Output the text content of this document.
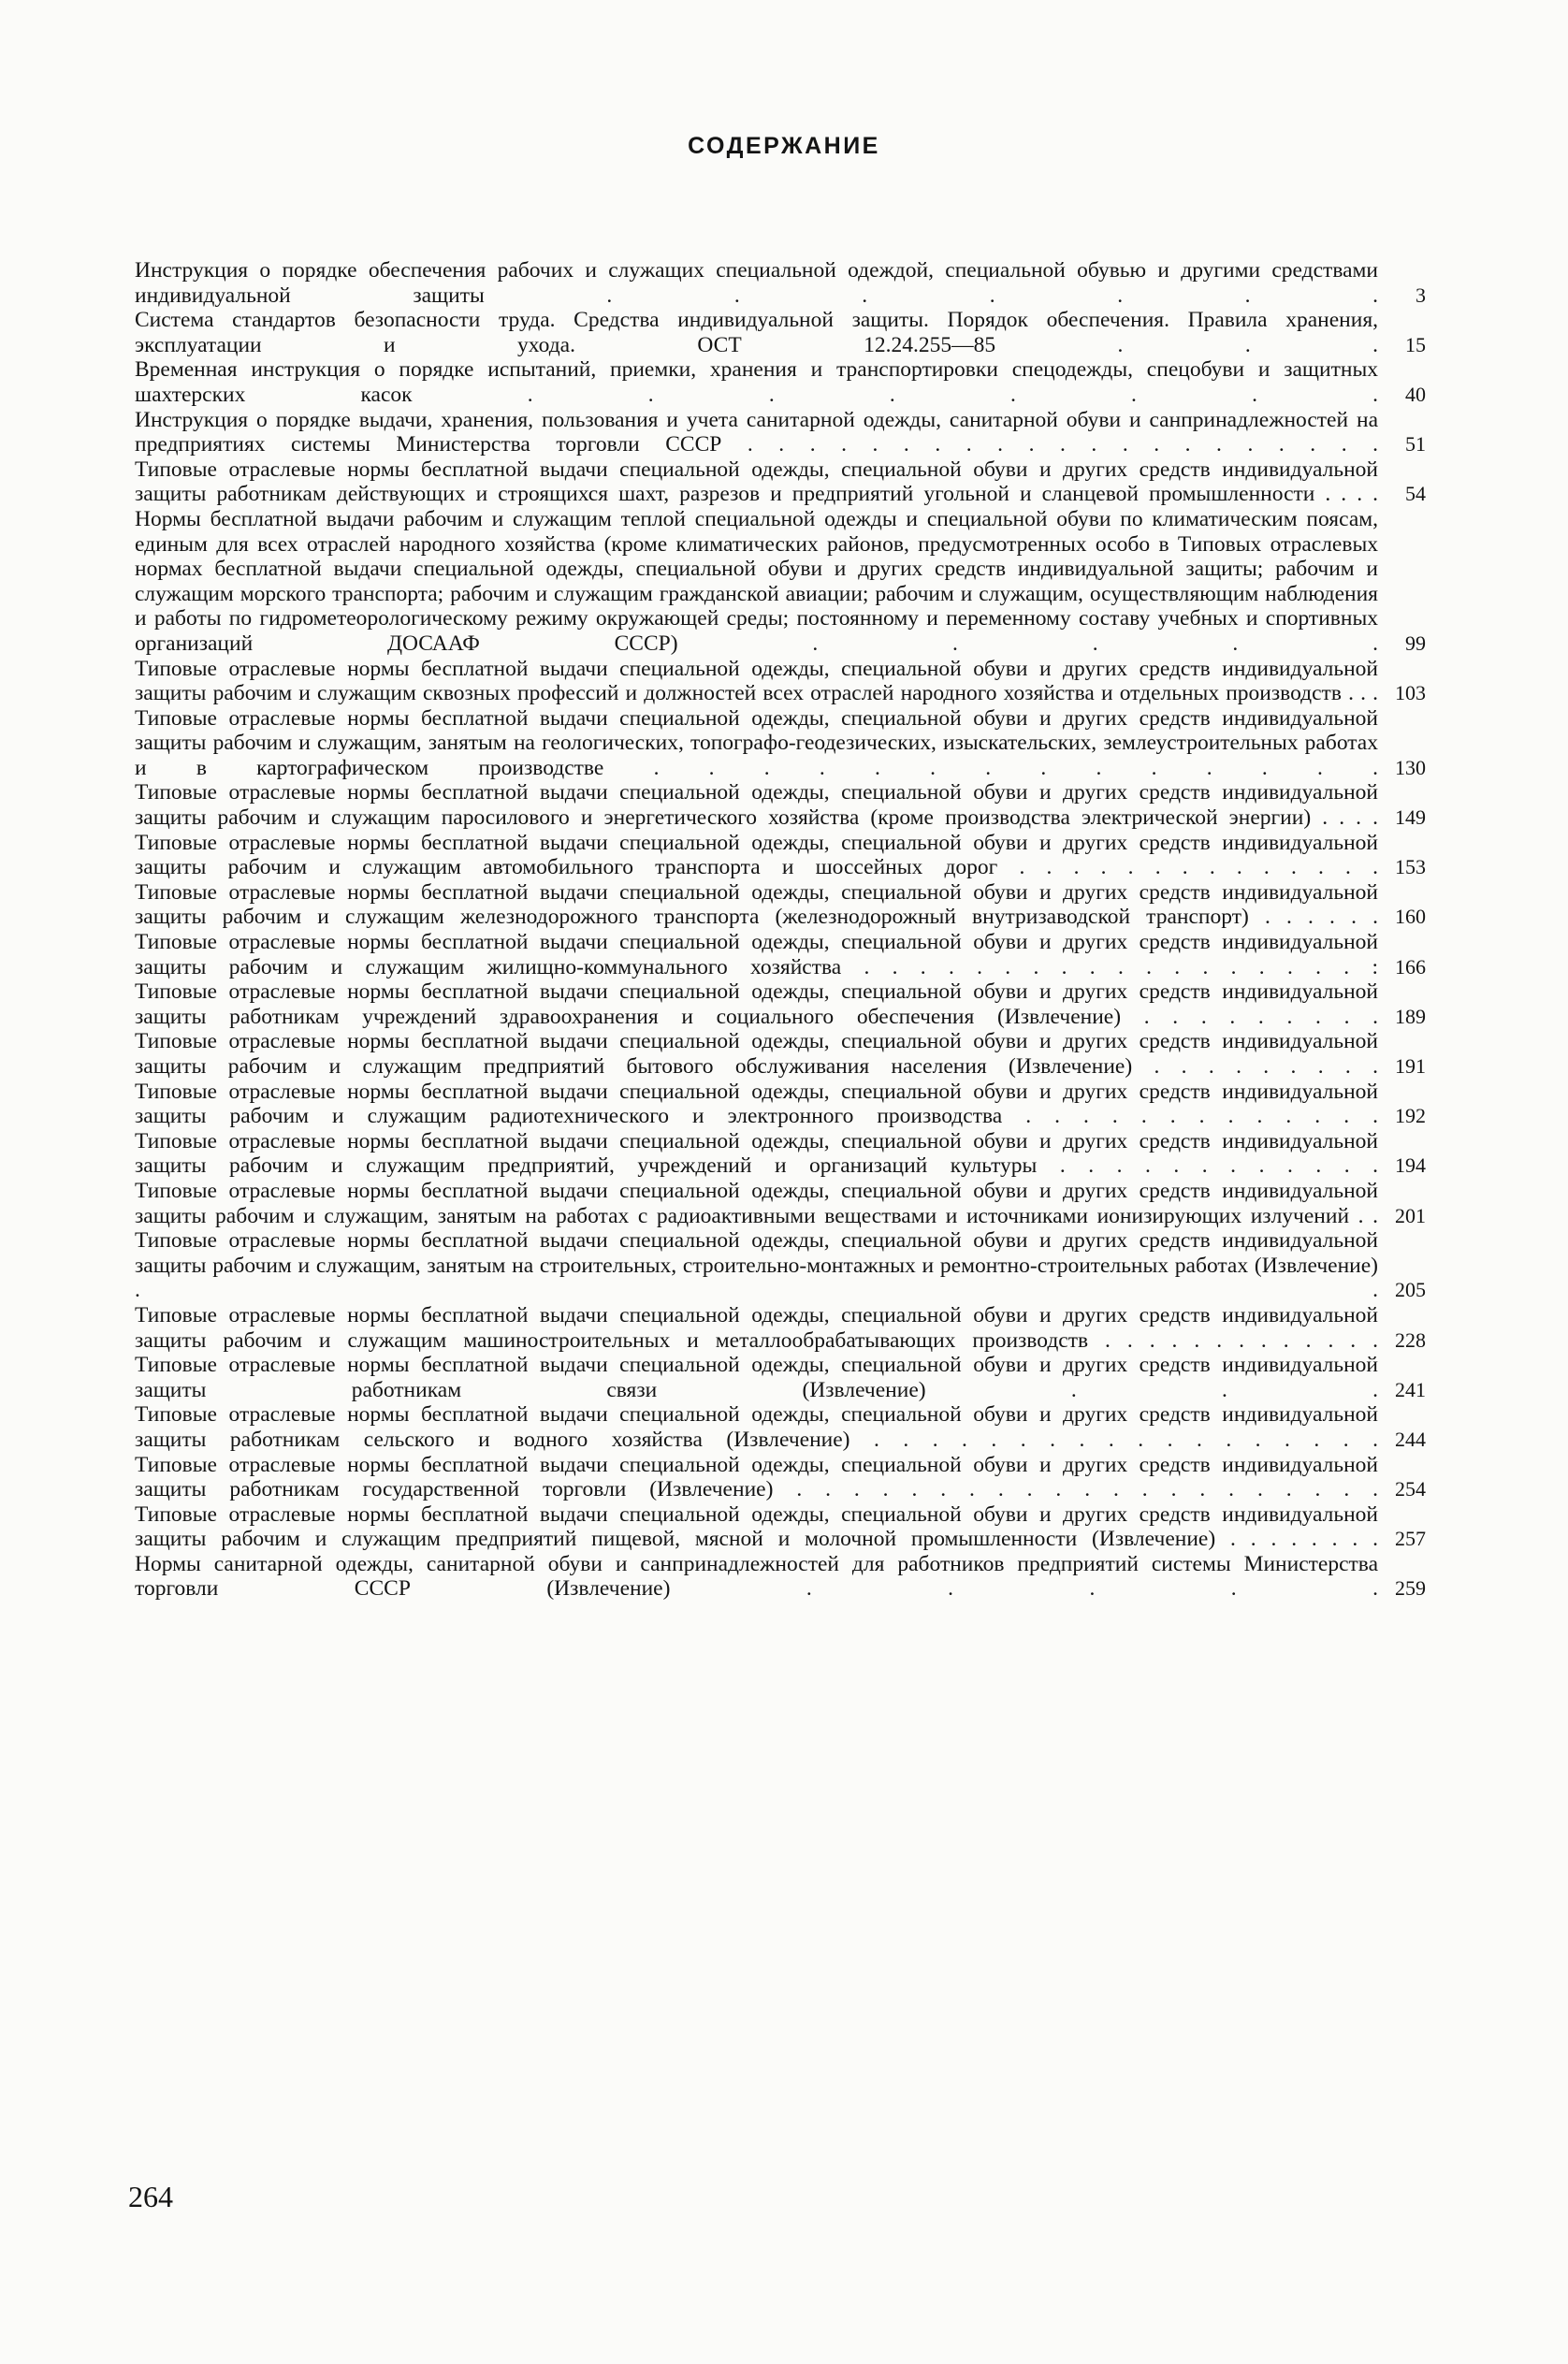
СОДЕРЖАНИЕ
Инструкция о порядке обеспечения рабочих и служащих специальной одеждой, специальной обувью и другими средствами индивидуальной защиты . . . . . . .	3
Система стандартов безопасности труда. Средства индивидуальной защиты. Порядок обеспечения. Правила хранения, эксплуатации и ухода. ОСТ 12.24.255—85 . . .	15
Временная инструкция о порядке испытаний, приемки, хранения и транспортировки спецодежды, спецобуви и защитных шахтерских касок . . . . . . . .	40
Инструкция о порядке выдачи, хранения, пользования и учета санитарной одежды, санитарной обуви и санпринадлежностей на предприятиях системы Министерства торговли СССР . . . . . . . . . . . . . . . . . . . . .	51
Типовые отраслевые нормы бесплатной выдачи специальной одежды, специальной обуви и других средств индивидуальной защиты работникам действующих и строящихся шахт, разрезов и предприятий угольной и сланцевой промышленности . . . .	54
Нормы бесплатной выдачи рабочим и служащим теплой специальной одежды и специальной обуви по климатическим поясам, единым для всех отраслей народного хозяйства (кроме климатических районов, предусмотренных особо в Типовых отраслевых нормах бесплатной выдачи специальной одежды, специальной обуви и других средств индивидуальной защиты; рабочим и служащим морского транспорта; рабочим и служащим гражданской авиации; рабочим и служащим, осуществляющим наблюдения и работы по гидрометеорологическому режиму окружающей среды; постоянному и переменному составу учебных и спортивных организаций ДОСААФ СССР) . . . . .	99
Типовые отраслевые нормы бесплатной выдачи специальной одежды, специальной обуви и других средств индивидуальной защиты рабочим и служащим сквозных профессий и должностей всех отраслей народного хозяйства и отдельных производств . . . 103
Типовые отраслевые нормы бесплатной выдачи специальной одежды, специальной обуви и других средств индивидуальной защиты рабочим и служащим, занятым на геологических, топографо-геодезических, изыскательских, землеустроительных работах и в картографическом производстве . . . . . . . . . . . . . . 130
Типовые отраслевые нормы бесплатной выдачи специальной одежды, специальной обуви и других средств индивидуальной защиты рабочим и служащим паросилового и энергетического хозяйства (кроме производства электрической энергии) . . . . 149
Типовые отраслевые нормы бесплатной выдачи специальной одежды, специальной обуви и других средств индивидуальной защиты рабочим и служащим автомобильного транспорта и шоссейных дорог . . . . . . . . . . . . . . 153
Типовые отраслевые нормы бесплатной выдачи специальной одежды, специальной обуви и других средств индивидуальной защиты рабочим и служащим железнодорожного транспорта (железнодорожный внутризаводской транспорт) . . . . . . 160
Типовые отраслевые нормы бесплатной выдачи специальной одежды, специальной обуви и других средств индивидуальной защиты рабочим и служащим жилищно-коммунального хозяйства . . . . . . . . . . . . . . . . . . : 166
Типовые отраслевые нормы бесплатной выдачи специальной одежды, специальной обуви и других средств индивидуальной защиты работникам учреждений здравоохранения и социального обеспечения (Извлечение) . . . . . . . . . 189
Типовые отраслевые нормы бесплатной выдачи специальной одежды, специальной обуви и других средств индивидуальной защиты рабочим и служащим предприятий бытового обслуживания населения (Извлечение) . . . . . . . . . 191
Типовые отраслевые нормы бесплатной выдачи специальной одежды, специальной обуви и других средств индивидуальной защиты рабочим и служащим радиотехнического и электронного производства . . . . . . . . . . . . . 192
Типовые отраслевые нормы бесплатной выдачи специальной одежды, специальной обуви и других средств индивидуальной защиты рабочим и служащим предприятий, учреждений и организаций культуры . . . . . . . . . . . . 194
Типовые отраслевые нормы бесплатной выдачи специальной одежды, специальной обуви и других средств индивидуальной защиты рабочим и служащим, занятым на работах с радиоактивными веществами и источниками ионизирующих излучений . . 201
Типовые отраслевые нормы бесплатной выдачи специальной одежды, специальной обуви и других средств индивидуальной защиты рабочим и служащим, занятым на строительных, строительно-монтажных и ремонтно-строительных работах (Извлечение) . . 205
Типовые отраслевые нормы бесплатной выдачи специальной одежды, специальной обуви и других средств индивидуальной защиты рабочим и служащим машиностроительных и металлообрабатывающих производств . . . . . . . . . . . . . 228
Типовые отраслевые нормы бесплатной выдачи специальной одежды, специальной обуви и других средств индивидуальной защиты работникам связи (Извлечение) . . . 241
Типовые отраслевые нормы бесплатной выдачи специальной одежды, специальной обуви и других средств индивидуальной защиты работникам сельского и водного хозяйства (Извлечение) . . . . . . . . . . . . . . . . . . 244
Типовые отраслевые нормы бесплатной выдачи специальной одежды, специальной обуви и других средств индивидуальной защиты работникам государственной торговли (Извлечение) . . . . . . . . . . . . . . . . . . . . . 254
Типовые отраслевые нормы бесплатной выдачи специальной одежды, специальной обуви и других средств индивидуальной защиты рабочим и служащим предприятий пищевой, мясной и молочной промышленности (Извлечение) . . . . . . . . 257
Нормы санитарной одежды, санитарной обуви и санпринадлежностей для работников предприятий системы Министерства торговли СССР (Извлечение) . . . . . 259
264
